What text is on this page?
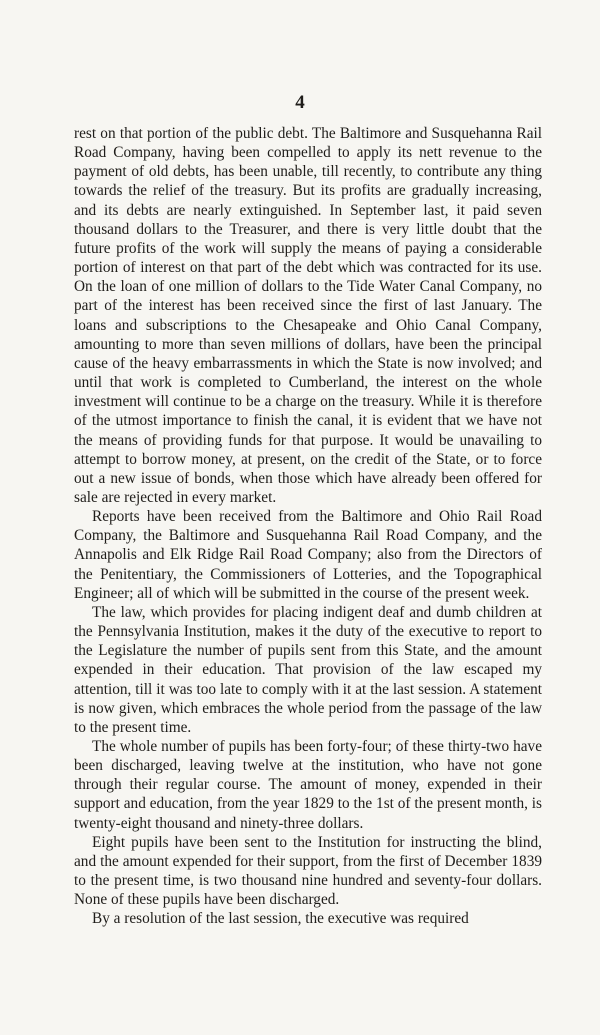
4

rest on that portion of the public debt. The Baltimore and Susquehanna Rail Road Company, having been compelled to apply its nett revenue to the payment of old debts, has been unable, till recently, to contribute any thing towards the relief of the treasury. But its profits are gradually increasing, and its debts are nearly extinguished. In September last, it paid seven thousand dollars to the Treasurer, and there is very little doubt that the future profits of the work will supply the means of paying a considerable portion of interest on that part of the debt which was contracted for its use. On the loan of one million of dollars to the Tide Water Canal Company, no part of the interest has been received since the first of last January. The loans and subscriptions to the Chesapeake and Ohio Canal Company, amounting to more than seven millions of dollars, have been the principal cause of the heavy embarrassments in which the State is now involved; and until that work is completed to Cumberland, the interest on the whole investment will continue to be a charge on the treasury. While it is therefore of the utmost importance to finish the canal, it is evident that we have not the means of providing funds for that purpose. It would be unavailing to attempt to borrow money, at present, on the credit of the State, or to force out a new issue of bonds, when those which have already been offered for sale are rejected in every market.

Reports have been received from the Baltimore and Ohio Rail Road Company, the Baltimore and Susquehanna Rail Road Company, and the Annapolis and Elk Ridge Rail Road Company; also from the Directors of the Penitentiary, the Commissioners of Lotteries, and the Topographical Engineer; all of which will be submitted in the course of the present week.

The law, which provides for placing indigent deaf and dumb children at the Pennsylvania Institution, makes it the duty of the executive to report to the Legislature the number of pupils sent from this State, and the amount expended in their education. That provision of the law escaped my attention, till it was too late to comply with it at the last session. A statement is now given, which embraces the whole period from the passage of the law to the present time.

The whole number of pupils has been forty-four; of these thirty-two have been discharged, leaving twelve at the institution, who have not gone through their regular course. The amount of money, expended in their support and education, from the year 1829 to the 1st of the present month, is twenty-eight thousand and ninety-three dollars.

Eight pupils have been sent to the Institution for instructing the blind, and the amount expended for their support, from the first of December 1839 to the present time, is two thousand nine hundred and seventy-four dollars. None of these pupils have been discharged.

By a resolution of the last session, the executive was required
